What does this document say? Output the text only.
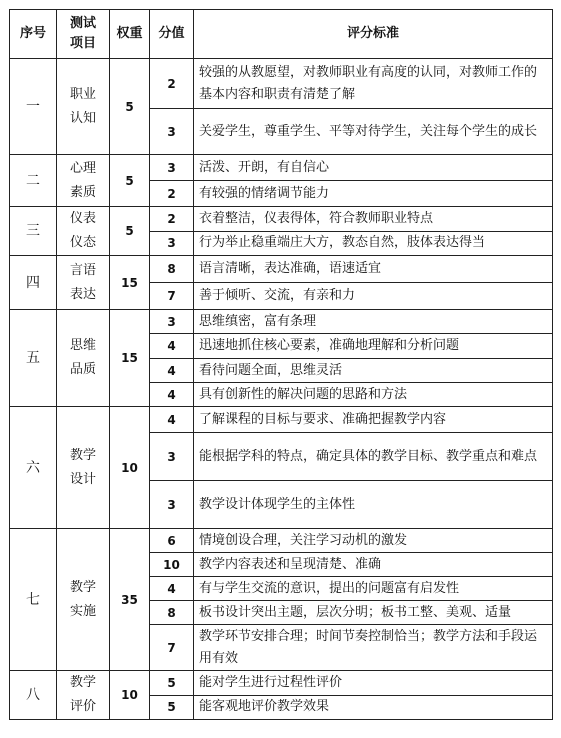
序号	测试项目	权重	分值	评分标准
一	职业认知	5	2	较强的从教愿望，对教师职业有高度的认同，对教师工作的基本内容和职责有清楚了解
			3	关爱学生，尊重学生、平等对待学生，关注每个学生的成长
二	心理素质	5	3	活泼、开朗，有自信心
			2	有较强的情绪调节能力
三	仪表仪态	5	2	衣着整洁，仪表得体，符合教师职业特点
			3	行为举止稳重端庄大方，教态自然，肢体表达得当
四	言语表达	15	8	语言清晰，表达准确，语速适宜
			7	善于倾听、交流，有亲和力
五	思维品质	15	3	思维缜密，富有条理
			4	迅速地抓住核心要素，准确地理解和分析问题
			4	看待问题全面，思维灵活
			4	具有创新性的解决问题的思路和方法
六	教学设计	10	4	了解课程的目标与要求、准确把握教学内容
			3	能根据学科的特点，确定具体的教学目标、教学重点和难点
			3	教学设计体现学生的主体性
七	教学实施	35	6	情境创设合理，关注学习动机的激发
			10	教学内容表述和呈现清楚、准确
			4	有与学生交流的意识，提出的问题富有启发性
			8	板书设计突出主题，层次分明；板书工整、美观、适量
			7	教学环节安排合理；时间节奏控制恰当；教学方法和手段运用有效
八	教学评价	10	5	能对学生进行过程性评价
			5	能客观地评价教学效果
